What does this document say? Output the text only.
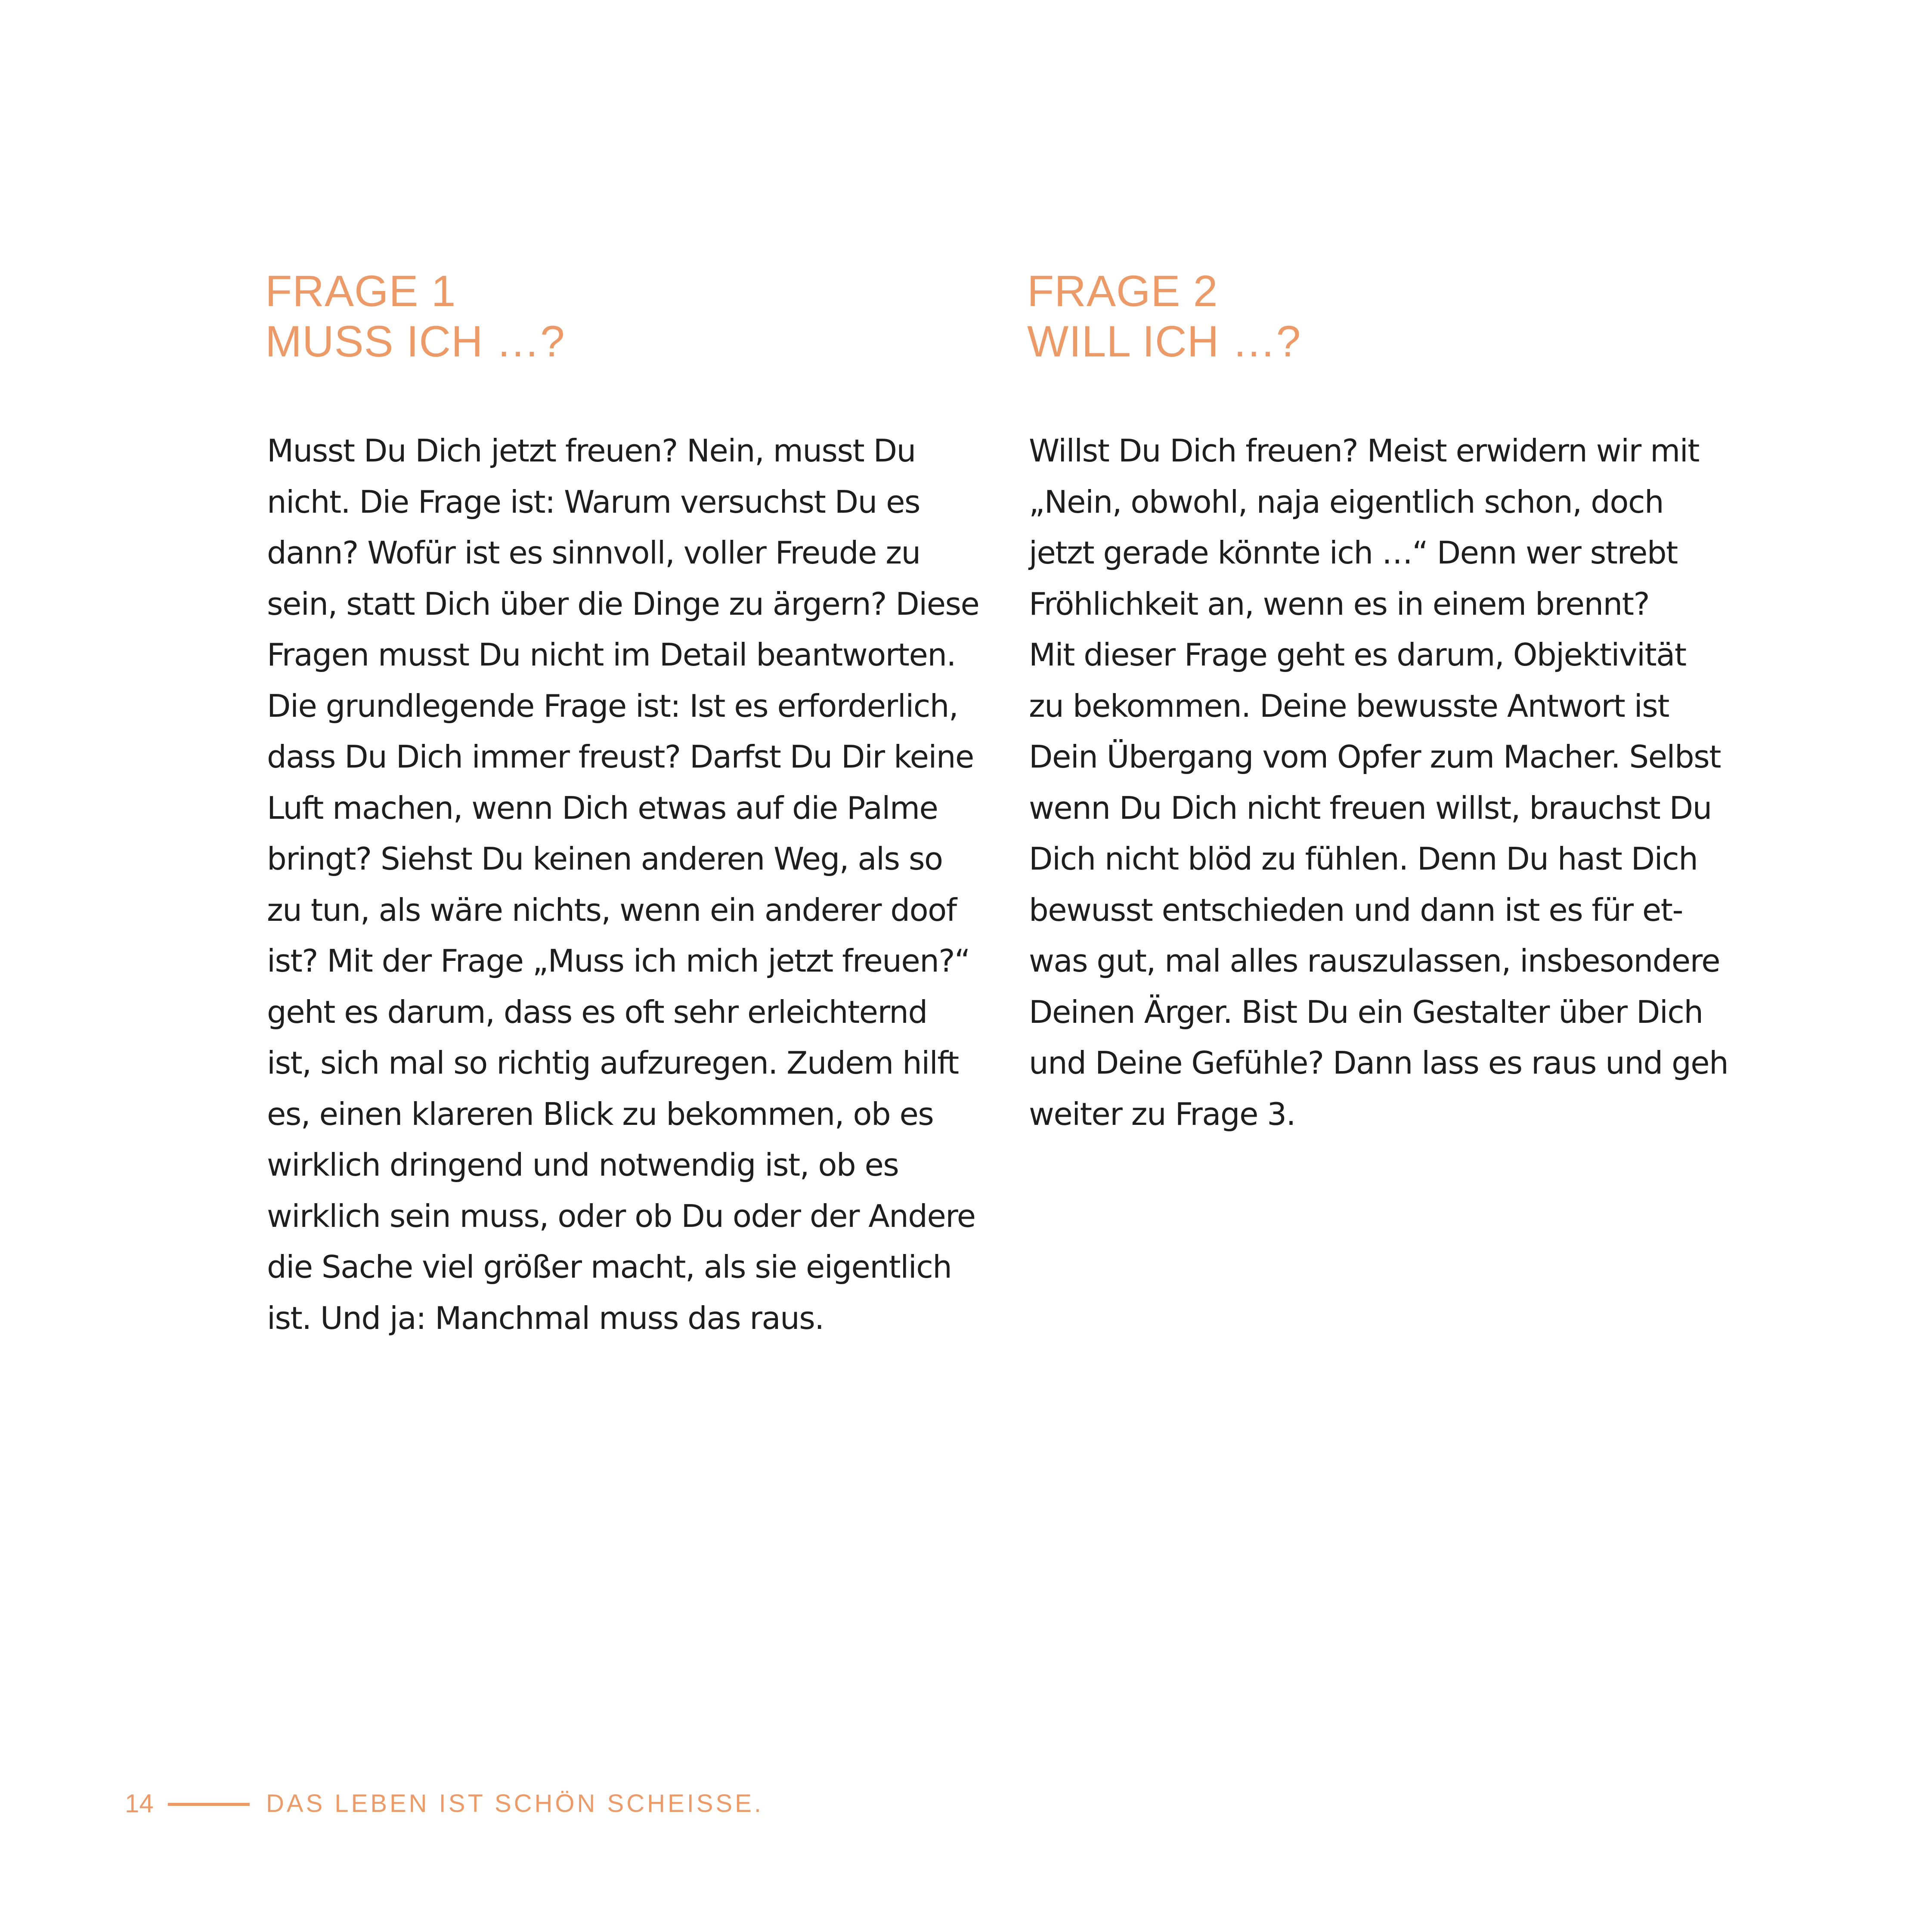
FRAGE 1
MUSS ICH …?

Musst Du Dich jetzt freuen? Nein, musst Du
nicht. Die Frage ist: Warum versuchst Du es
dann? Wofür ist es sinnvoll, voller Freude zu
sein, statt Dich über die Dinge zu ärgern? Diese
Fragen musst Du nicht im Detail beantworten.
Die grundlegende Frage ist: Ist es erforderlich,
dass Du Dich immer freust? Darfst Du Dir keine
Luft machen, wenn Dich etwas auf die Palme
bringt? Siehst Du keinen anderen Weg, als so
zu tun, als wäre nichts, wenn ein anderer doof
ist? Mit der Frage „Muss ich mich jetzt freuen?“
geht es darum, dass es oft sehr erleichternd
ist, sich mal so richtig aufzuregen. Zudem hilft
es, einen klareren Blick zu bekommen, ob es
wirklich dringend und notwendig ist, ob es
wirklich sein muss, oder ob Du oder der Andere
die Sache viel größer macht, als sie eigentlich
ist. Und ja: Manchmal muss das raus.

FRAGE 2
WILL ICH …?

Willst Du Dich freuen? Meist erwidern wir mit
„Nein, obwohl, naja eigentlich schon, doch
jetzt gerade könnte ich …“ Denn wer strebt
Fröhlichkeit an, wenn es in einem brennt?
Mit dieser Frage geht es darum, Objektivität
zu bekommen. Deine bewusste Antwort ist
Dein Übergang vom Opfer zum Macher. Selbst
wenn Du Dich nicht freuen willst, brauchst Du
Dich nicht blöd zu fühlen. Denn Du hast Dich
bewusst entschieden und dann ist es für et-
was gut, mal alles rauszulassen, insbesondere
Deinen Ärger. Bist Du ein Gestalter über Dich
und Deine Gefühle? Dann lass es raus und geh
weiter zu Frage 3.

14	DAS LEBEN IST SCHÖN SCHEISSE.
